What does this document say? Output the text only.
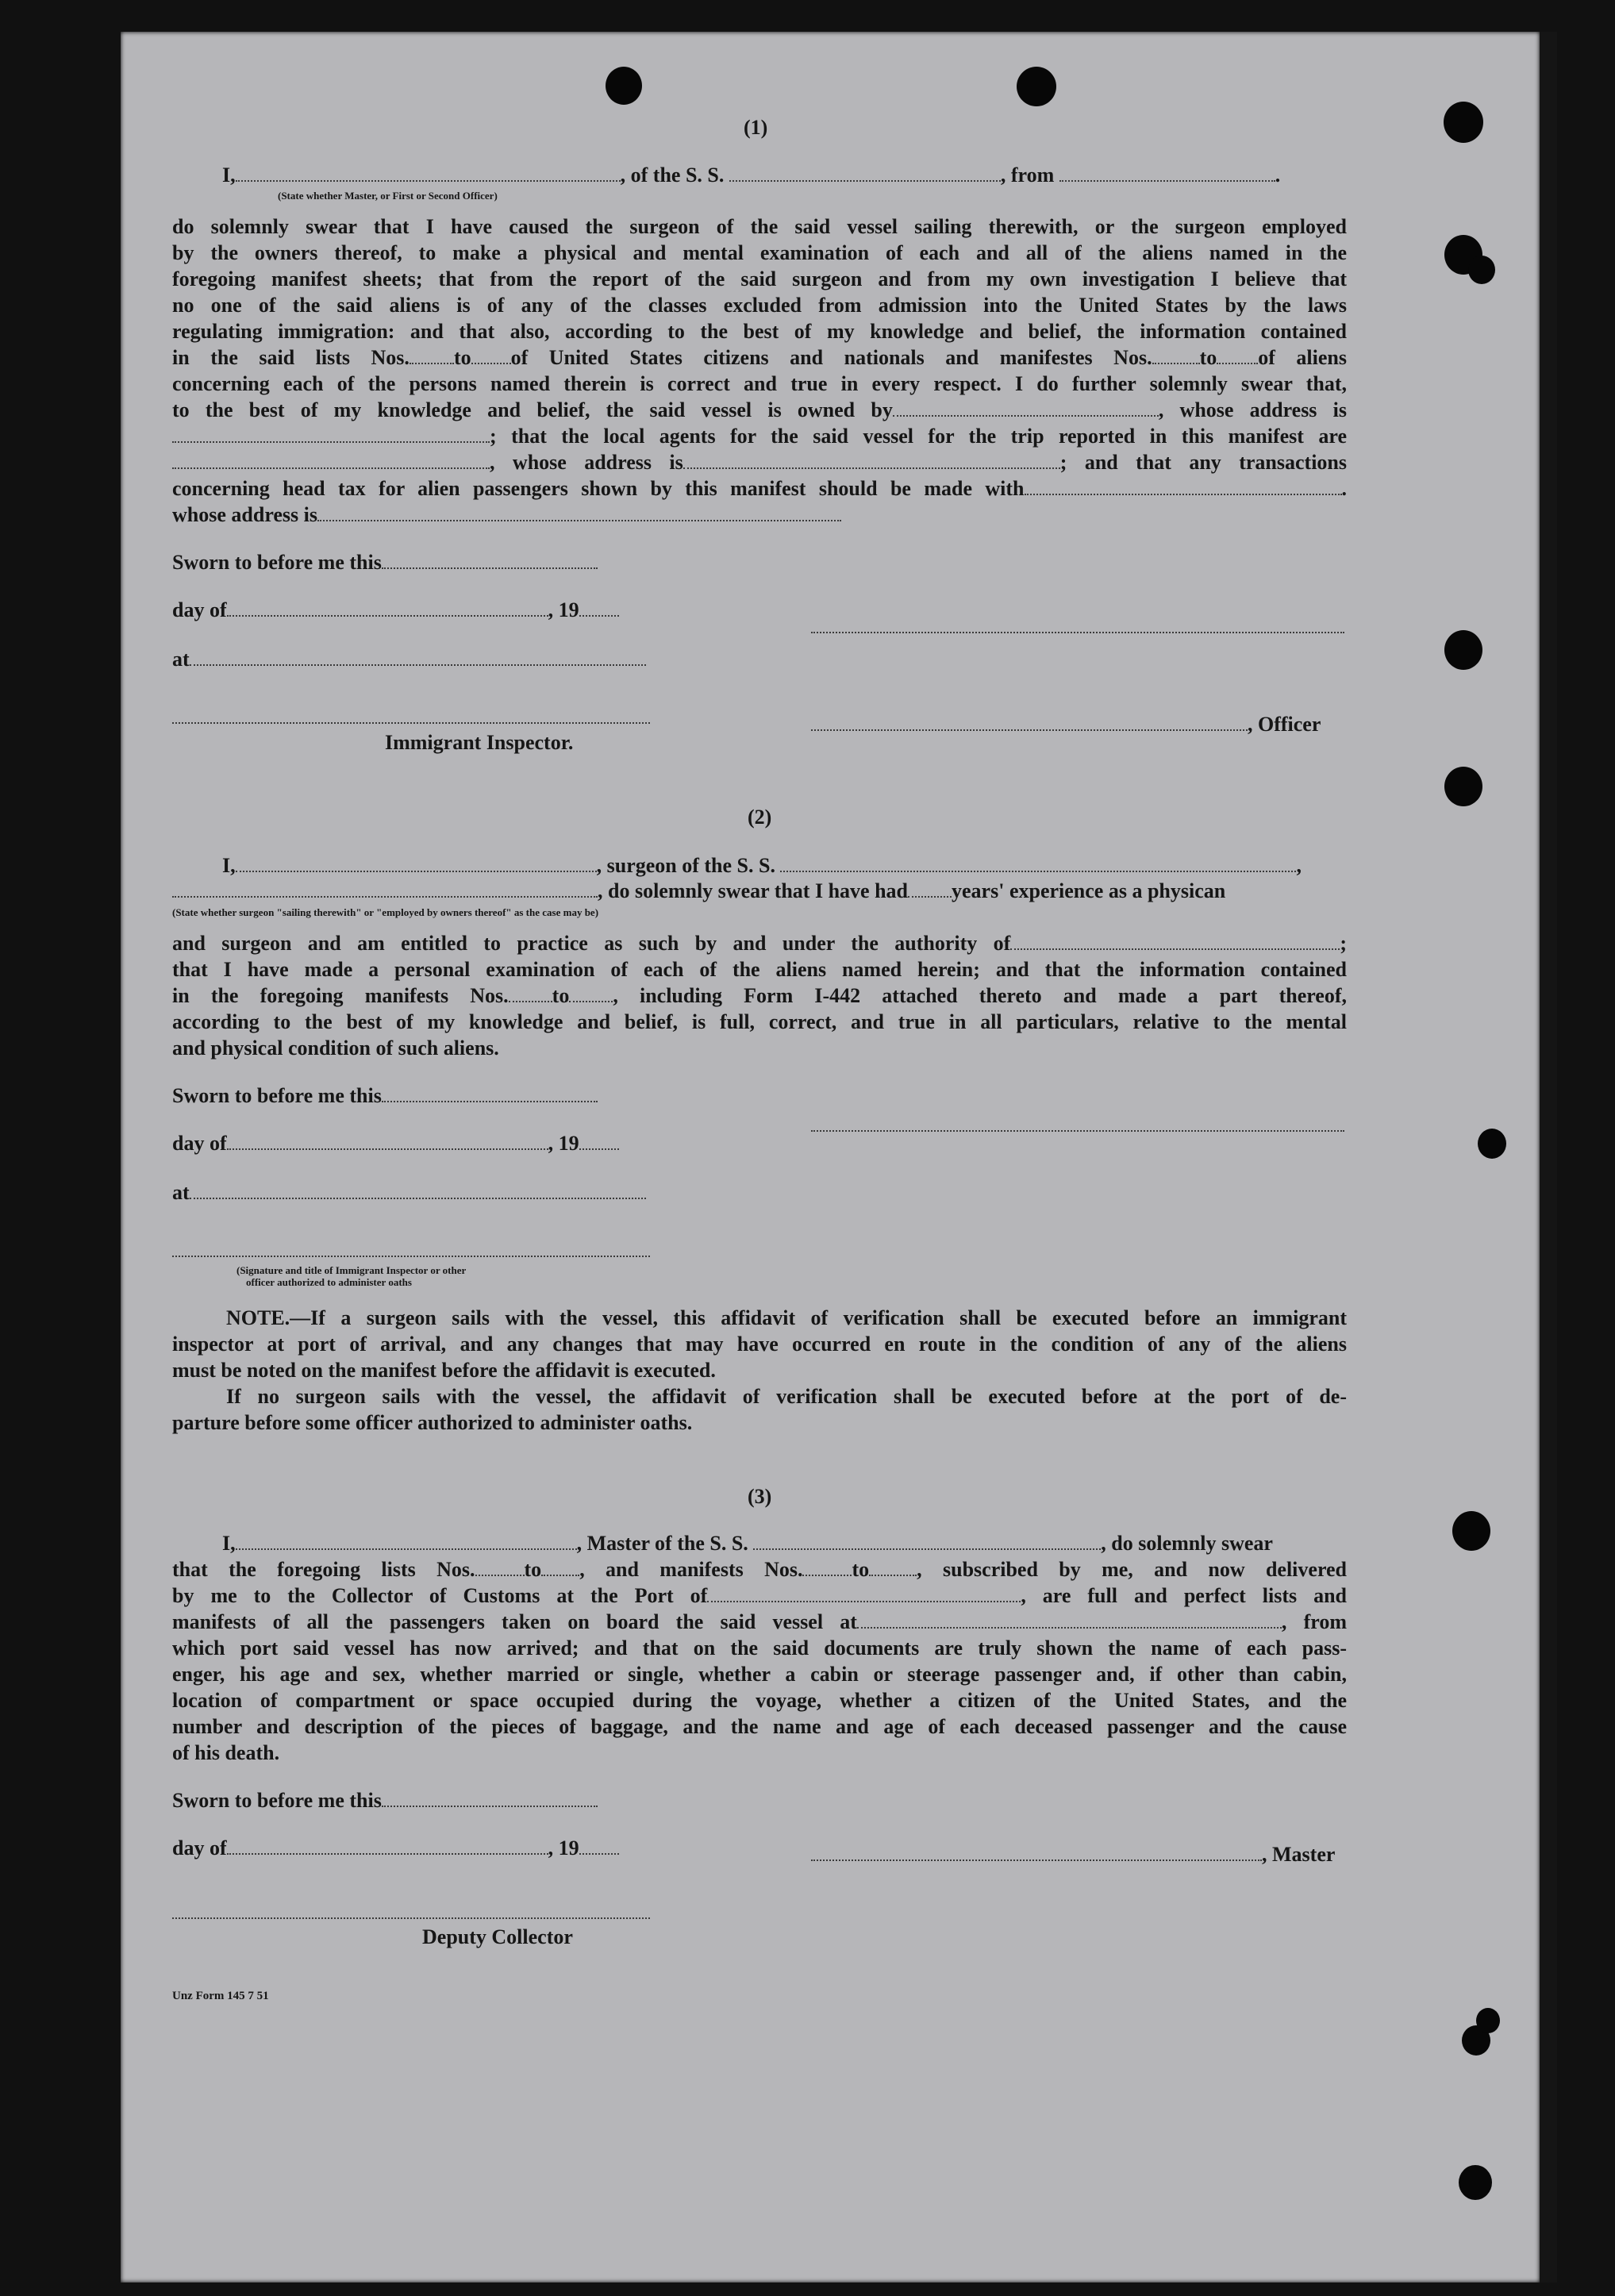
(1)
I,	, of the S. S.	, from	.
(State whether Master, or First or Second Officer)
do solemnly swear that I have caused the surgeon of the said vessel sailing therewith, or the surgeon employed
by the owners thereof, to make a physical and mental examination of each and all of the aliens named in the
foregoing manifest sheets; that from the report of the said surgeon and from my own investigation I believe that
no one of the said aliens is of any of the classes excluded from admission into the United States by the laws
regulating immigration: and that also, according to the best of my knowledge and belief, the information contained
in the said lists Nos. to of United States citizens and nationals and manifestes Nos. to of aliens
concerning each of the persons named therein is correct and true in every respect. I do further solemnly swear that,
to the best of my knowledge and belief, the said vessel is owned by	, whose address is
; that the local agents for the said vessel for the trip reported in this manifest are
, whose address is	; and that any transactions
concerning head tax for alien passengers shown by this manifest should be made with	.
whose address is
Sworn to before me this
day of	, 19
at
, Officer
Immigrant Inspector.
(2)
I,	, surgeon of the S. S.	,
, do solemnly swear that I have had years' experience as a physican
(State whether surgeon "sailing therewith" or "employed by owners thereof" as the case may be)
and surgeon and am entitled to practice as such by and under the authority of	;
that I have made a personal examination of each of the aliens named herein; and that the information contained
in the foregoing manifests Nos. to , including Form I-442 attached thereto and made a part thereof,
according to the best of my knowledge and belief, is full, correct, and true in all particulars, relative to the mental
and physical condition of such aliens.
Sworn to before me this
day of	, 19
at
(Signature and title of Immigrant Inspector or other
officer authorized to administer oaths
NOTE.—If a surgeon sails with the vessel, this affidavit of verification shall be executed before an immigrant
inspector at port of arrival, and any changes that may have occurred en route in the condition of any of the aliens
must be noted on the manifest before the affidavit is executed.
If no surgeon sails with the vessel, the affidavit of verification shall be executed before at the port of de-
parture before some officer authorized to administer oaths.
(3)
I,	, Master of the S. S.	, do solemnly swear
that the foregoing lists Nos. to , and manifests Nos. to , subscribed by me, and now delivered
by me to the Collector of Customs at the Port of	, are full and perfect lists and
manifests of all the passengers taken on board the said vessel at	, from
which port said vessel has now arrived; and that on the said documents are truly shown the name of each pass-
enger, his age and sex, whether married or single, whether a cabin or steerage passenger and, if other than cabin,
location of compartment or space occupied during the voyage, whether a citizen of the United States, and the
number and description of the pieces of baggage, and the name and age of each deceased passenger and the cause
of his death.
Sworn to before me this
day of	, 19	, Master
Deputy Collector
Unz Form 145 7 51
